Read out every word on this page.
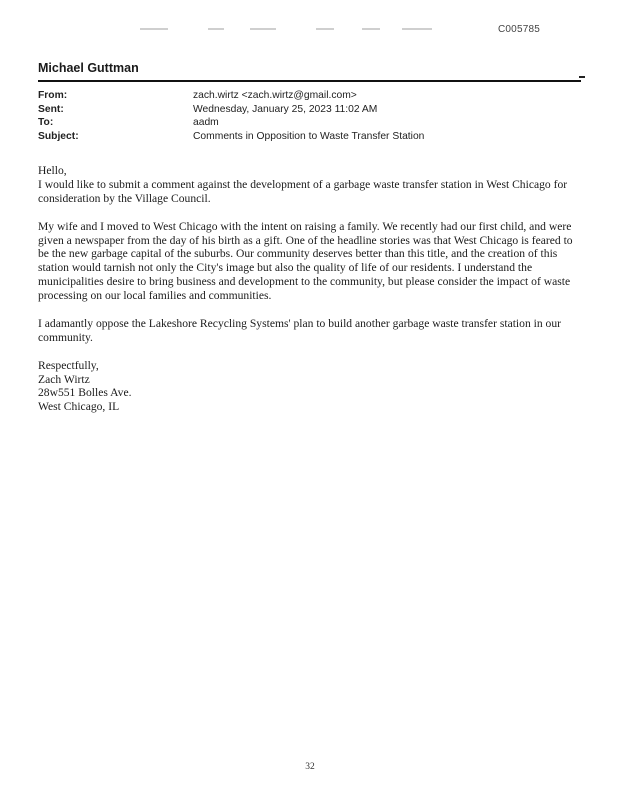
C005785
Michael Guttman
From:	zach.wirtz <zach.wirtz@gmail.com>
Sent:	Wednesday, January 25, 2023 11:02 AM
To:	aadm
Subject:	Comments in Opposition to Waste Transfer Station

Hello,

I would like to submit a comment against the development of a garbage waste transfer station in West Chicago for consideration by the Village Council.

My wife and I moved to West Chicago with the intent on raising a family. We recently had our first child, and were given a newspaper from the day of his birth as a gift. One of the headline stories was that West Chicago is feared to be the new garbage capital of the suburbs. Our community deserves better than this title, and the creation of this station would tarnish not only the City's image but also the quality of life of our residents. I understand the municipalities desire to bring business and development to the community, but please consider the impact of waste processing on our local families and communities.

I adamantly oppose the Lakeshore Recycling Systems' plan to build another garbage waste transfer station in our community.

Respectfully,

Zach Wirtz

28w551 Bolles Ave.

West Chicago, IL

32
